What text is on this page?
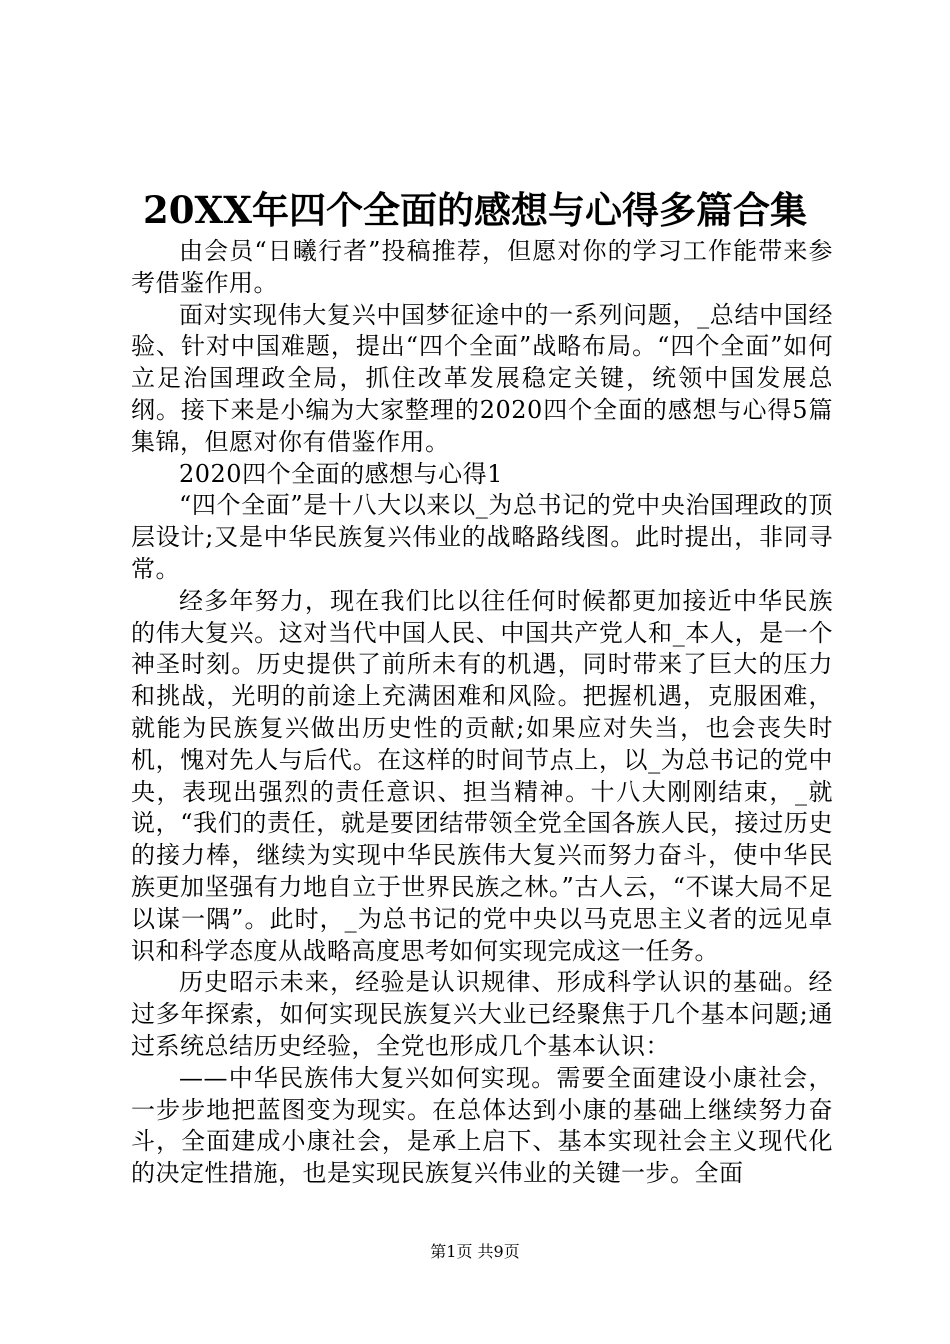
20XX年四个全面的感想与心得多篇合集

由会员“日曦行者”投稿推荐，但愿对你的学习工作能带来参考借鉴作用。

面对实现伟大复兴中国梦征途中的一系列问题，_总结中国经验、针对中国难题，提出“四个全面”战略布局。“四个全面”如何立足治国理政全局，抓住改革发展稳定关键，统领中国发展总纲。接下来是小编为大家整理的2020四个全面的感想与心得5篇集锦，但愿对你有借鉴作用。

2020四个全面的感想与心得1

“四个全面”是十八大以来以_为总书记的党中央治国理政的顶层设计;又是中华民族复兴伟业的战略路线图。此时提出，非同寻常。

经多年努力，现在我们比以往任何时候都更加接近中华民族的伟大复兴。这对当代中国人民、中国共产党人和_本人，是一个神圣时刻。历史提供了前所未有的机遇，同时带来了巨大的压力和挑战，光明的前途上充满困难和风险。把握机遇，克服困难，就能为民族复兴做出历史性的贡献;如果应对失当，也会丧失时机，愧对先人与后代。在这样的时间节点上，以_为总书记的党中央，表现出强烈的责任意识、担当精神。十八大刚刚结束，_就说，“我们的责任，就是要团结带领全党全国各族人民，接过历史的接力棒，继续为实现中华民族伟大复兴而努力奋斗，使中华民族更加坚强有力地自立于世界民族之林。”古人云，“不谋大局不足以谋一隅”。此时，_为总书记的党中央以马克思主义者的远见卓识和科学态度从战略高度思考如何实现完成这一任务。

历史昭示未来，经验是认识规律、形成科学认识的基础。经过多年探索，如何实现民族复兴大业已经聚焦于几个基本问题;通过系统总结历史经验，全党也形成几个基本认识：

——中华民族伟大复兴如何实现。需要全面建设小康社会，一步步地把蓝图变为现实。在总体达到小康的基础上继续努力奋斗，全面建成小康社会，是承上启下、基本实现社会主义现代化的决定性措施，也是实现民族复兴伟业的关键一步。全面

第1页 共9页
